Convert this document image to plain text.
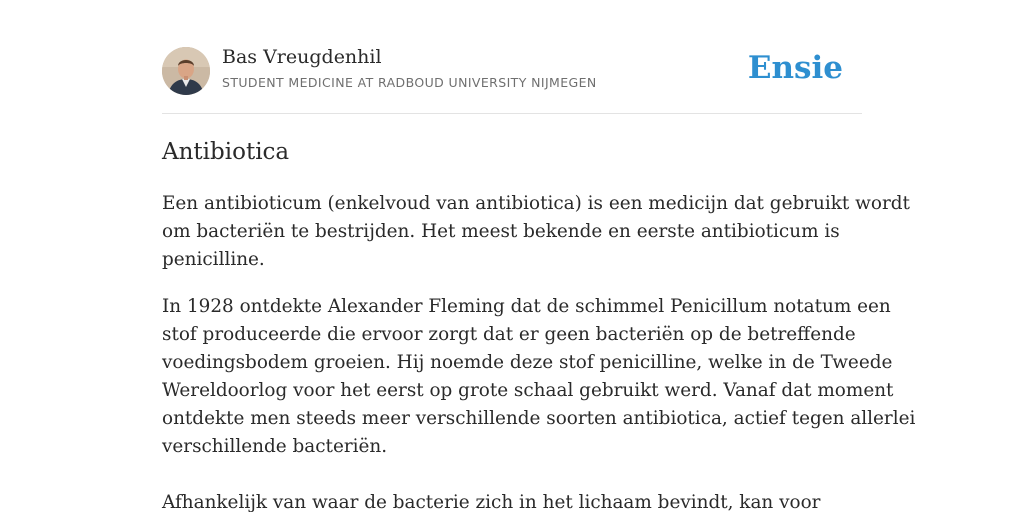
Bas Vreugdenhil
STUDENT MEDICINE AT RADBOUD UNIVERSITY NIJMEGEN	Ensie
Antibiotica

Een antibioticum (enkelvoud van antibiotica) is een medicijn dat gebruikt wordt
om bacteriën te bestrijden. Het meest bekende en eerste antibioticum is
penicilline.

In 1928 ontdekte Alexander Fleming dat de schimmel Penicillum notatum een
stof produceerde die ervoor zorgt dat er geen bacteriën op de betreffende
voedingsbodem groeien. Hij noemde deze stof penicilline, welke in de Tweede
Wereldoorlog voor het eerst op grote schaal gebruikt werd. Vanaf dat moment
ontdekte men steeds meer verschillende soorten antibiotica, actief tegen allerlei
verschillende bacteriën.

Afhankelijk van waar de bacterie zich in het lichaam bevindt, kan voor
